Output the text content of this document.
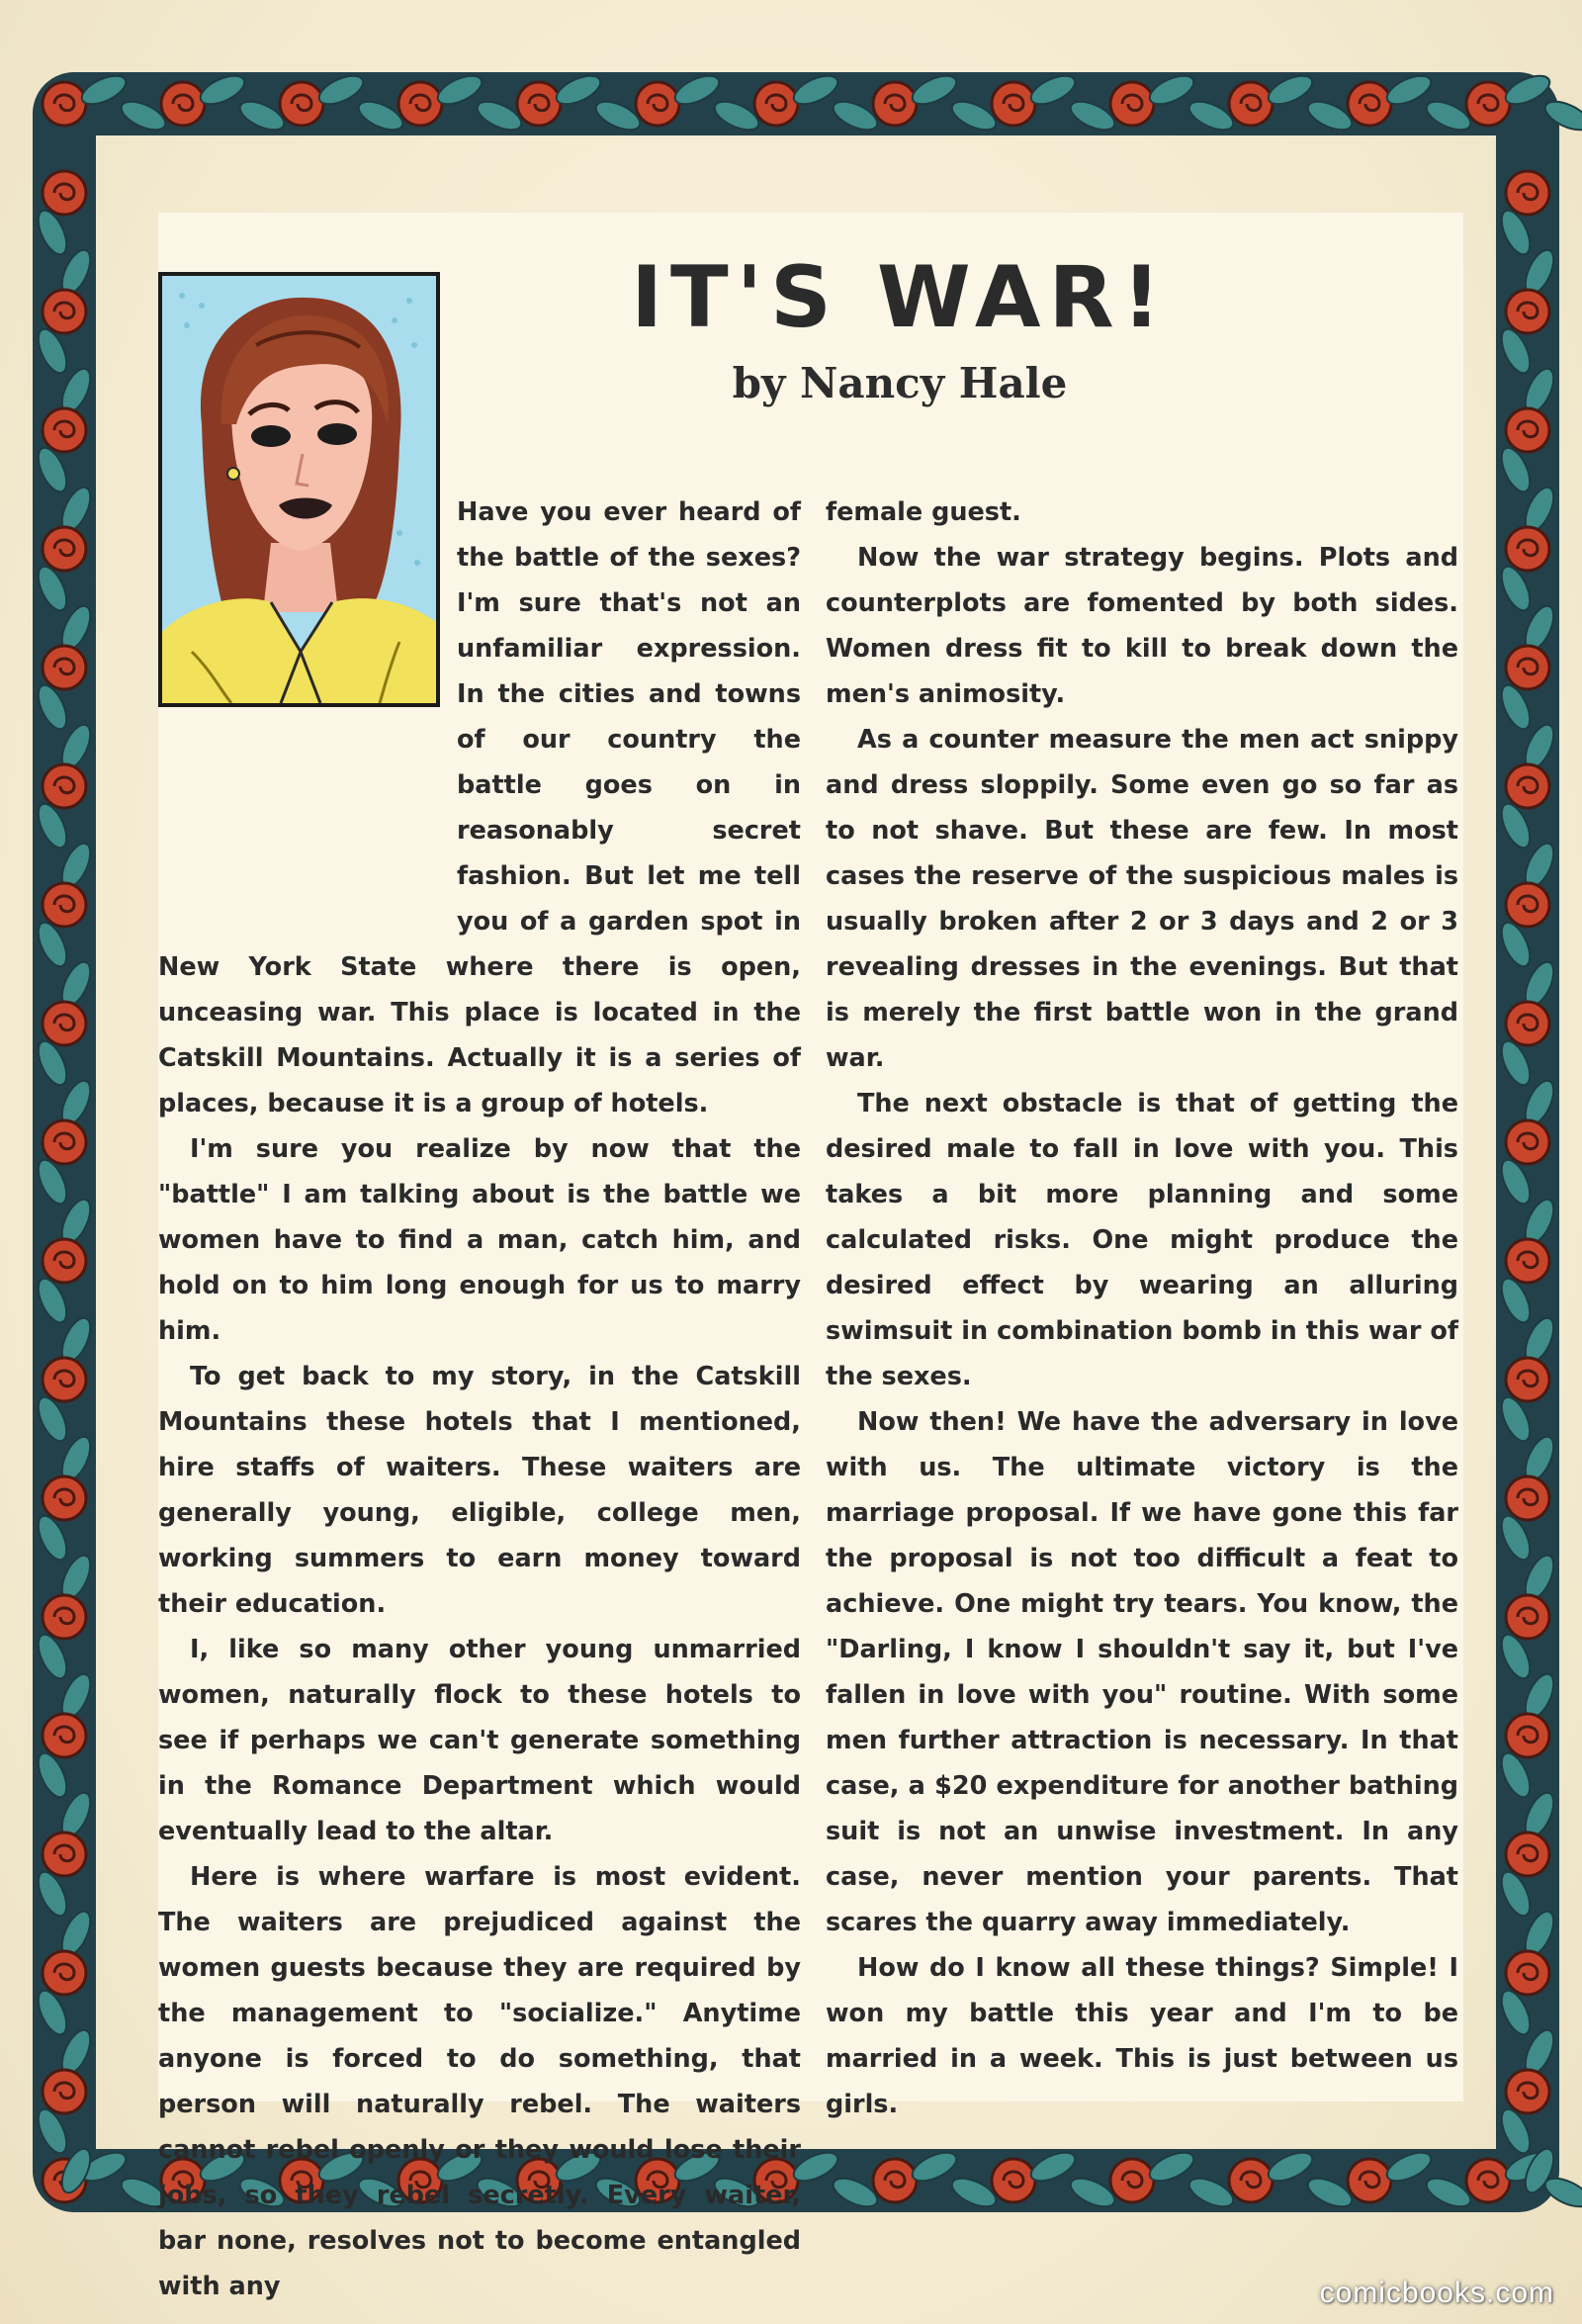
IT'S WAR!
by Nancy Hale

Have you ever heard of the battle of the sexes? I'm sure that's not an unfamiliar expression. In the cities and towns of our country the battle goes on in reasonably secret fashion. But let me tell you of a garden spot in New York State where there is open, unceasing war. This place is located in the Catskill Mountains. Actually it is a series of places, because it is a group of hotels.

I'm sure you realize by now that the "battle" I am talking about is the battle we women have to find a man, catch him, and hold on to him long enough for us to marry him.

To get back to my story, in the Catskill Mountains these hotels that I mentioned, hire staffs of waiters. These waiters are generally young, eligible, college men, working summers to earn money toward their education.

I, like so many other young unmarried women, naturally flock to these hotels to see if perhaps we can't generate something in the Romance Department which would eventually lead to the altar.

Here is where warfare is most evident. The waiters are prejudiced against the women guests because they are required by the management to "socialize." Anytime anyone is forced to do something, that person will naturally rebel. The waiters cannot rebel openly or they would lose their jobs, so they rebel secretly. Every waiter, bar none, resolves not to become entangled with any

female guest.

Now the war strategy begins. Plots and counterplots are fomented by both sides. Women dress fit to kill to break down the men's animosity.

As a counter measure the men act snippy and dress sloppily. Some even go so far as to not shave. But these are few. In most cases the reserve of the suspicious males is usually broken after 2 or 3 days and 2 or 3 revealing dresses in the evenings. But that is merely the first battle won in the grand war.

The next obstacle is that of getting the desired male to fall in love with you. This takes a bit more planning and some calculated risks. One might produce the desired effect by wearing an alluring swimsuit in combination bomb in this war of the sexes.

Now then! We have the adversary in love with us. The ultimate victory is the marriage proposal. If we have gone this far the proposal is not too difficult a feat to achieve. One might try tears. You know, the "Darling, I know I shouldn't say it, but I've fallen in love with you" routine. With some men further attraction is necessary. In that case, a $20 expenditure for another bathing suit is not an unwise investment. In any case, never mention your parents. That scares the quarry away immediately.

How do I know all these things? Simple! I won my battle this year and I'm to be married in a week. This is just between us girls.

comicbooks.com
